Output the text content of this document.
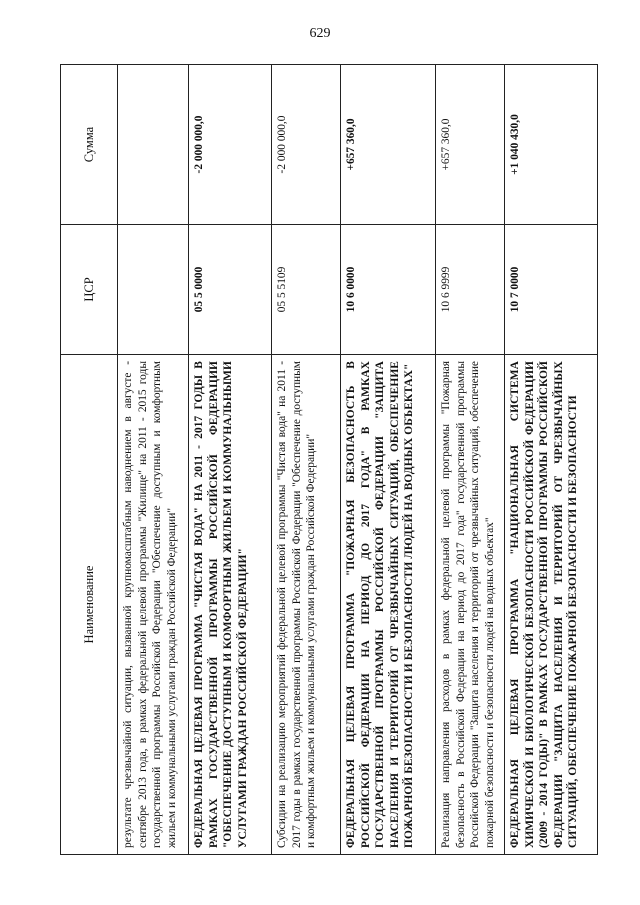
629
Наименование	ЦСР	Сумма
результате чрезвычайной ситуации, вызванной крупномасштабным наводнением в августе - сентябре 2013 года, в рамках федеральной целевой программы "Жилище" на 2011 - 2015 годы государственной программы Российской Федерации "Обеспечение доступным и комфортным жильем и коммунальными услугами граждан Российской Федерации"		
ФЕДЕРАЛЬНАЯ ЦЕЛЕВАЯ ПРОГРАММА "ЧИСТАЯ ВОДА" НА 2011 - 2017 ГОДЫ В РАМКАХ ГОСУДАРСТВЕННОЙ ПРОГРАММЫ РОССИЙСКОЙ ФЕДЕРАЦИИ "ОБЕСПЕЧЕНИЕ ДОСТУПНЫМ И КОМФОРТНЫМ ЖИЛЬЕМ И КОММУНАЛЬНЫМИ УСЛУГАМИ ГРАЖДАН РОССИЙСКОЙ ФЕДЕРАЦИИ"	05 5 0000	-2 000 000,0
Субсидии на реализацию мероприятий федеральной целевой программы "Чистая вода" на 2011 - 2017 годы в рамках государственной программы Российской Федерации "Обеспечение доступным и комфортным жильем и коммунальными услугами граждан Российской Федерации"	05 5 5109	-2 000 000,0
ФЕДЕРАЛЬНАЯ ЦЕЛЕВАЯ ПРОГРАММА "ПОЖАРНАЯ БЕЗОПАСНОСТЬ В РОССИЙСКОЙ ФЕДЕРАЦИИ НА ПЕРИОД ДО 2017 ГОДА" В РАМКАХ ГОСУДАРСТВЕННОЙ ПРОГРАММЫ РОССИЙСКОЙ ФЕДЕРАЦИИ "ЗАЩИТА НАСЕЛЕНИЯ И ТЕРРИТОРИЙ ОТ ЧРЕЗВЫЧАЙНЫХ СИТУАЦИЙ, ОБЕСПЕЧЕНИЕ ПОЖАРНОЙ БЕЗОПАСНОСТИ И БЕЗОПАСНОСТИ ЛЮДЕЙ НА ВОДНЫХ ОБЪЕКТАХ"	10 6 0000	+657 360,0
Реализация направления расходов в рамках федеральной целевой программы "Пожарная безопасность в Российской Федерации на период до 2017 года" государственной программы Российской Федерации "Защита населения и территорий от чрезвычайных ситуаций, обеспечение пожарной безопасности и безопасности людей на водных объектах"	10 6 9999	+657 360,0
ФЕДЕРАЛЬНАЯ ЦЕЛЕВАЯ ПРОГРАММА "НАЦИОНАЛЬНАЯ СИСТЕМА ХИМИЧЕСКОЙ И БИОЛОГИЧЕСКОЙ БЕЗОПАСНОСТИ РОССИЙСКОЙ ФЕДЕРАЦИИ (2009 - 2014 ГОДЫ)" В РАМКАХ ГОСУДАРСТВЕННОЙ ПРОГРАММЫ РОССИЙСКОЙ ФЕДЕРАЦИИ "ЗАЩИТА НАСЕЛЕНИЯ И ТЕРРИТОРИЙ ОТ ЧРЕЗВЫЧАЙНЫХ СИТУАЦИЙ, ОБЕСПЕЧЕНИЕ ПОЖАРНОЙ БЕЗОПАСНОСТИ И БЕЗОПАСНОСТИ	10 7 0000	+1 040 430,0
